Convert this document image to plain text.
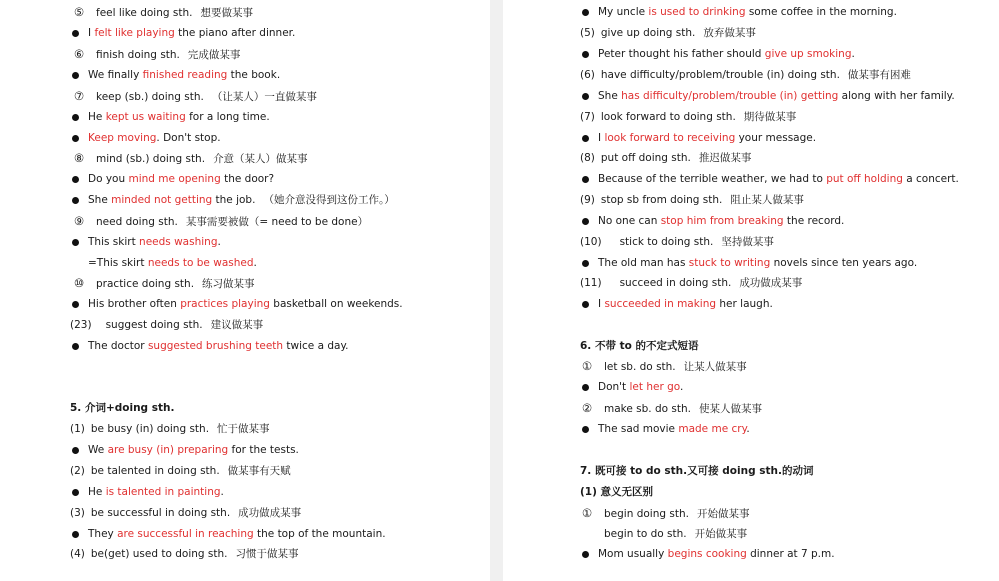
⑤ feel like doing sth. 想要做某事
I felt like playing the piano after dinner.
⑥ finish doing sth. 完成做某事
We finally finished reading the book.
⑦ keep (sb.) doing sth. （让某人）一直做某事
He kept us waiting for a long time.
Keep moving. Don't stop.
⑧ mind (sb.) doing sth. 介意（某人）做某事
Do you mind me opening the door?
She minded not getting the job. （她介意没得到这份工作。）
⑨ need doing sth. 某事需要被做（= need to be done）
This skirt needs washing.
=This skirt needs to be washed.
⑩ practice doing sth. 练习做某事
His brother often practices playing basketball on weekends.
(23) suggest doing sth. 建议做某事
The doctor suggested brushing teeth twice a day.
5. 介词+doing sth.
(1) be busy (in) doing sth. 忙于做某事
We are busy (in) preparing for the tests.
(2) be talented in doing sth. 做某事有天赋
He is talented in painting.
(3) be successful in doing sth. 成功做成某事
They are successful in reaching the top of the mountain.
(4) be(get) used to doing sth. 习惯于做某事
My uncle is used to drinking some coffee in the morning.
(5) give up doing sth. 放弃做某事
Peter thought his father should give up smoking.
(6) have difficulty/problem/trouble (in) doing sth. 做某事有困难
She has difficulty/problem/trouble (in) getting along with her family.
(7) look forward to doing sth. 期待做某事
I look forward to receiving your message.
(8) put off doing sth. 推迟做某事
Because of the terrible weather, we had to put off holding a concert.
(9) stop sb from doing sth. 阻止某人做某事
No one can stop him from breaking the record.
(10) stick to doing sth. 坚持做某事
The old man has stuck to writing novels since ten years ago.
(11) succeed in doing sth. 成功做成某事
I succeeded in making her laugh.
6. 不带 to 的不定式短语
① let sb. do sth. 让某人做某事
Don't let her go.
② make sb. do sth. 使某人做某事
The sad movie made me cry.
7. 既可接 to do sth.又可接 doing sth.的动词
(1) 意义无区别
① begin doing sth. 开始做某事
begin to do sth. 开始做某事
Mom usually begins cooking dinner at 7 p.m.
